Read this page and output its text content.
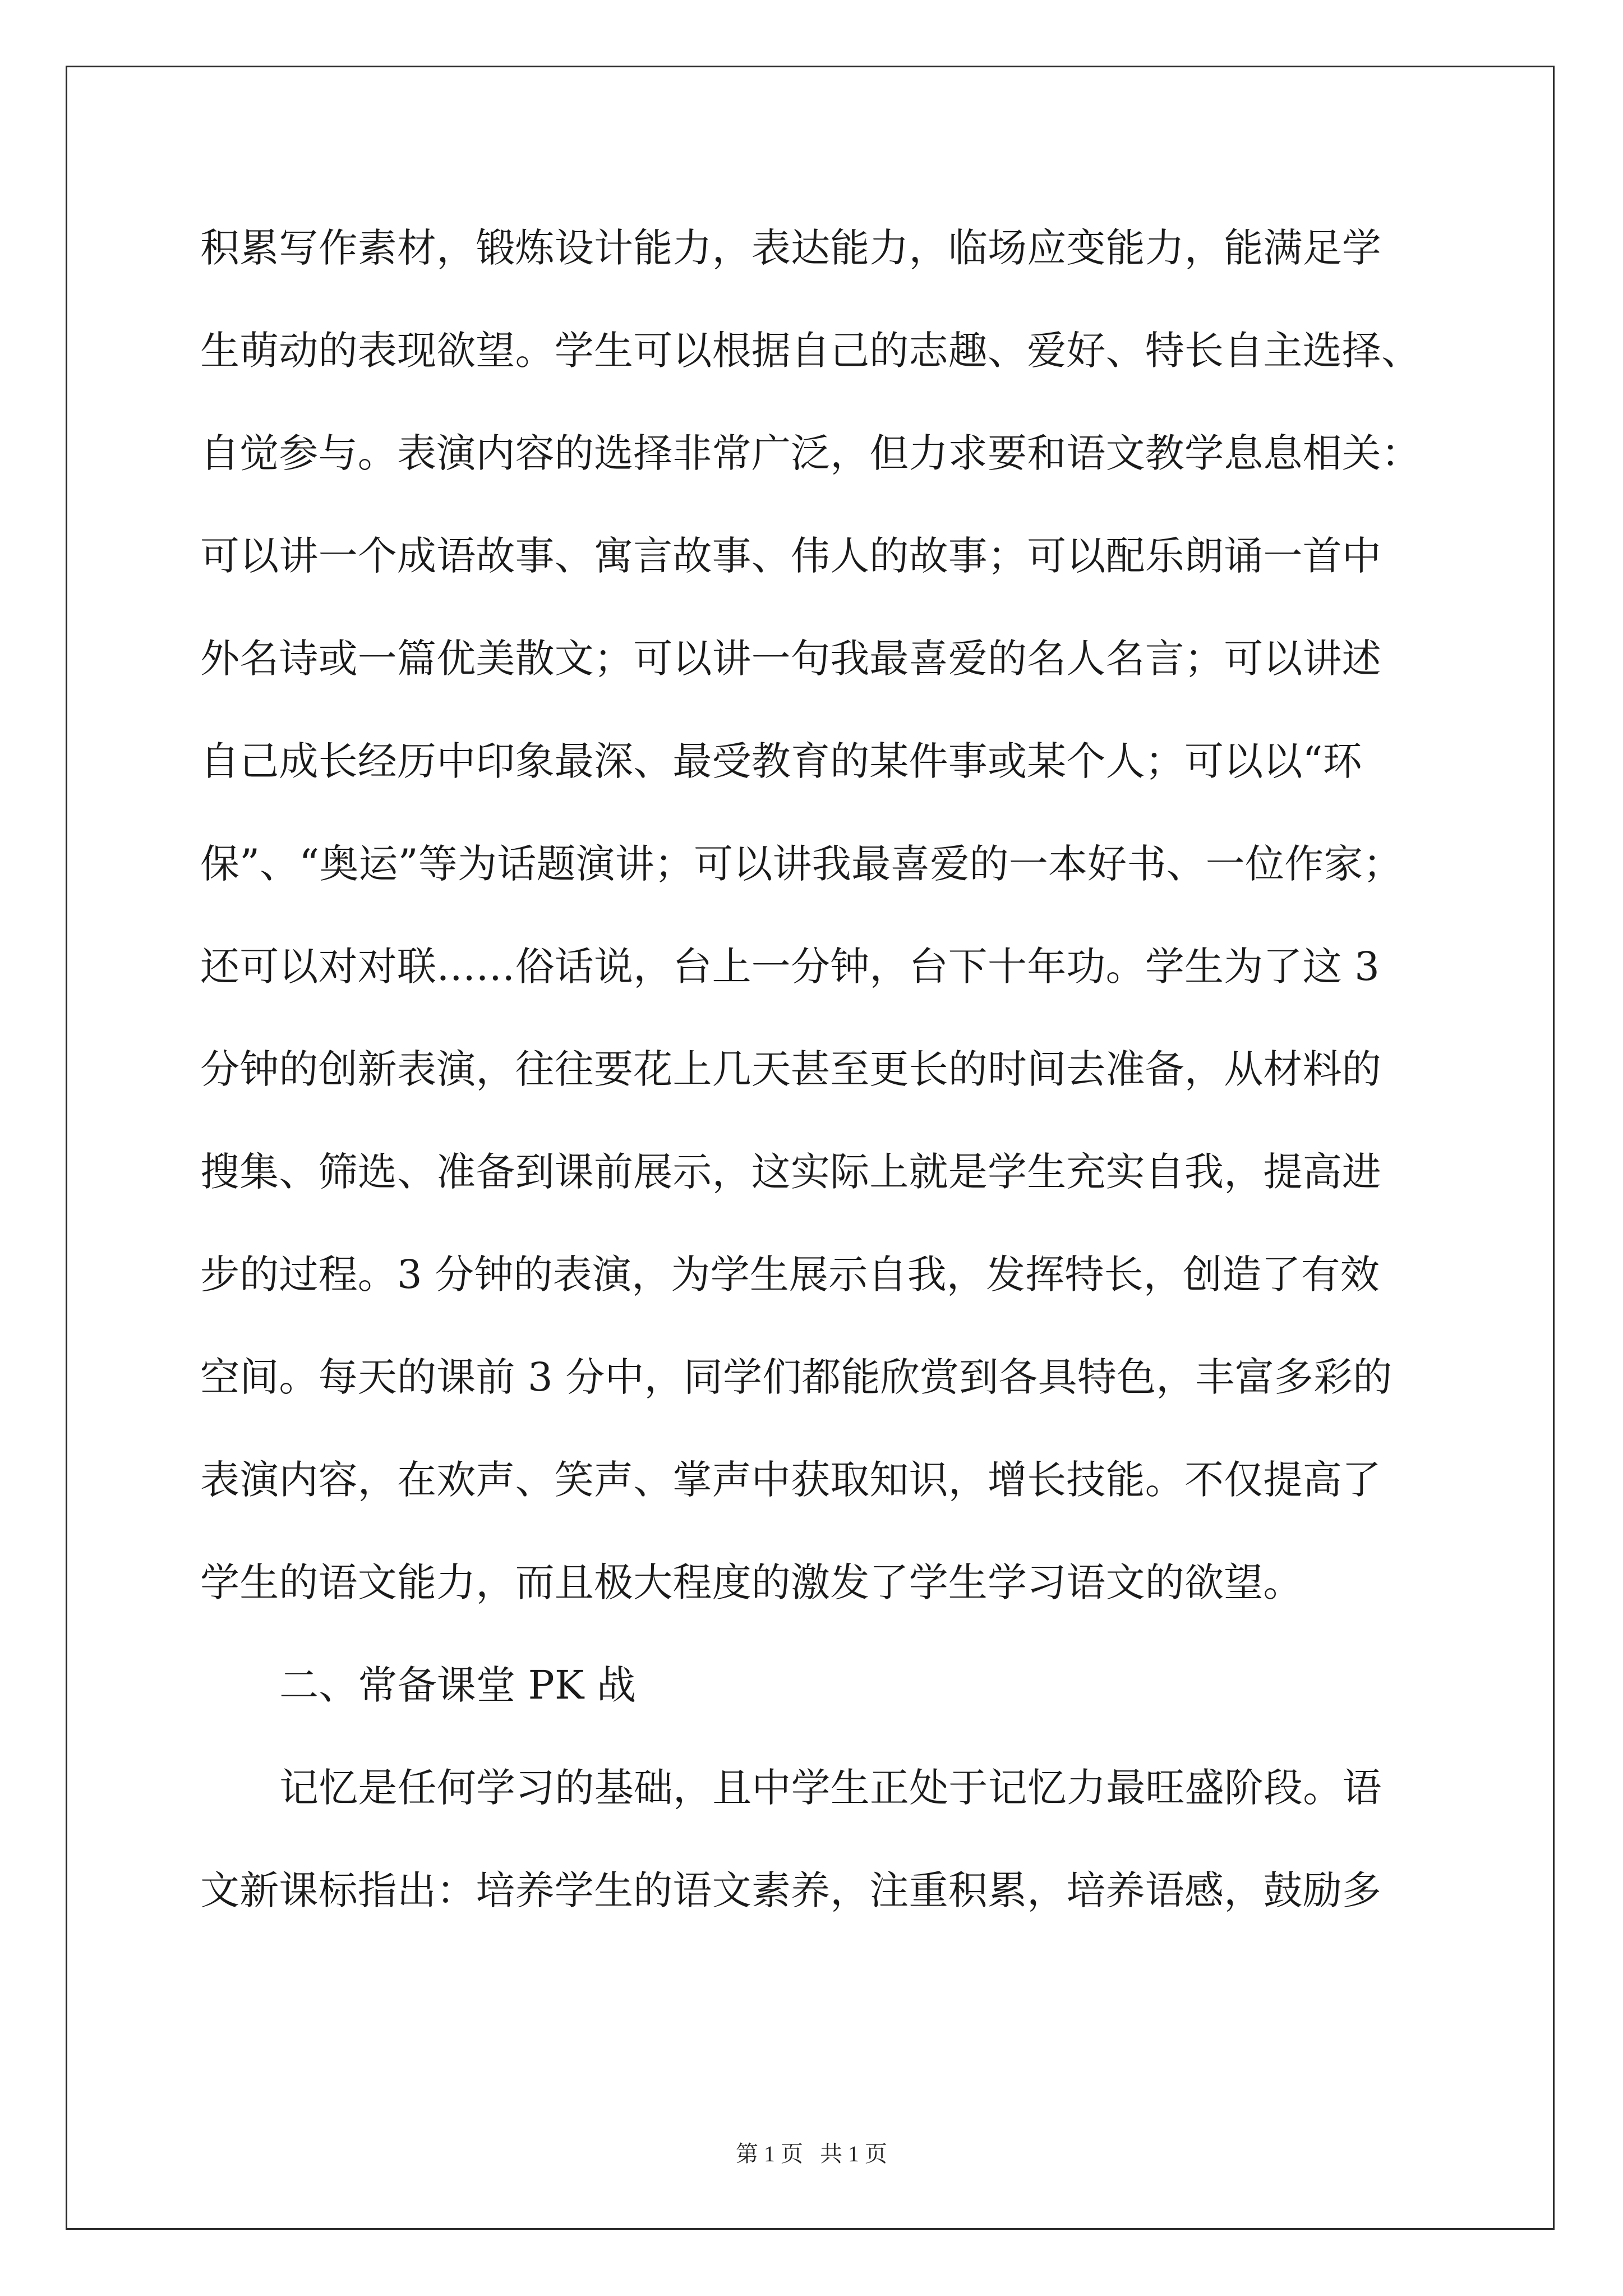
积累写作素材，锻炼设计能力，表达能力，临场应变能力，能满足学
生萌动的表现欲望。学生可以根据自己的志趣、爱好、特长自主选择、
自觉参与。表演内容的选择非常广泛，但力求要和语文教学息息相关：
可以讲一个成语故事、寓言故事、伟人的故事；可以配乐朗诵一首中
外名诗或一篇优美散文；可以讲一句我最喜爱的名人名言；可以讲述
自己成长经历中印象最深、最受教育的某件事或某个人；可以以“环
保”、“奥运”等为话题演讲；可以讲我最喜爱的一本好书、一位作家；
还可以对对联……俗话说，台上一分钟，台下十年功。学生为了这 3
分钟的创新表演，往往要花上几天甚至更长的时间去准备，从材料的
搜集、筛选、准备到课前展示，这实际上就是学生充实自我，提高进
步的过程。3 分钟的表演，为学生展示自我，发挥特长，创造了有效
空间。每天的课前 3 分中，同学们都能欣赏到各具特色，丰富多彩的
表演内容，在欢声、笑声、掌声中获取知识，增长技能。不仅提高了
学生的语文能力，而且极大程度的激发了学生学习语文的欲望。
二、常备课堂 PK 战
记忆是任何学习的基础，且中学生正处于记忆力最旺盛阶段。语
文新课标指出：培养学生的语文素养，注重积累，培养语感，鼓励多
第 1 页   共 1 页
